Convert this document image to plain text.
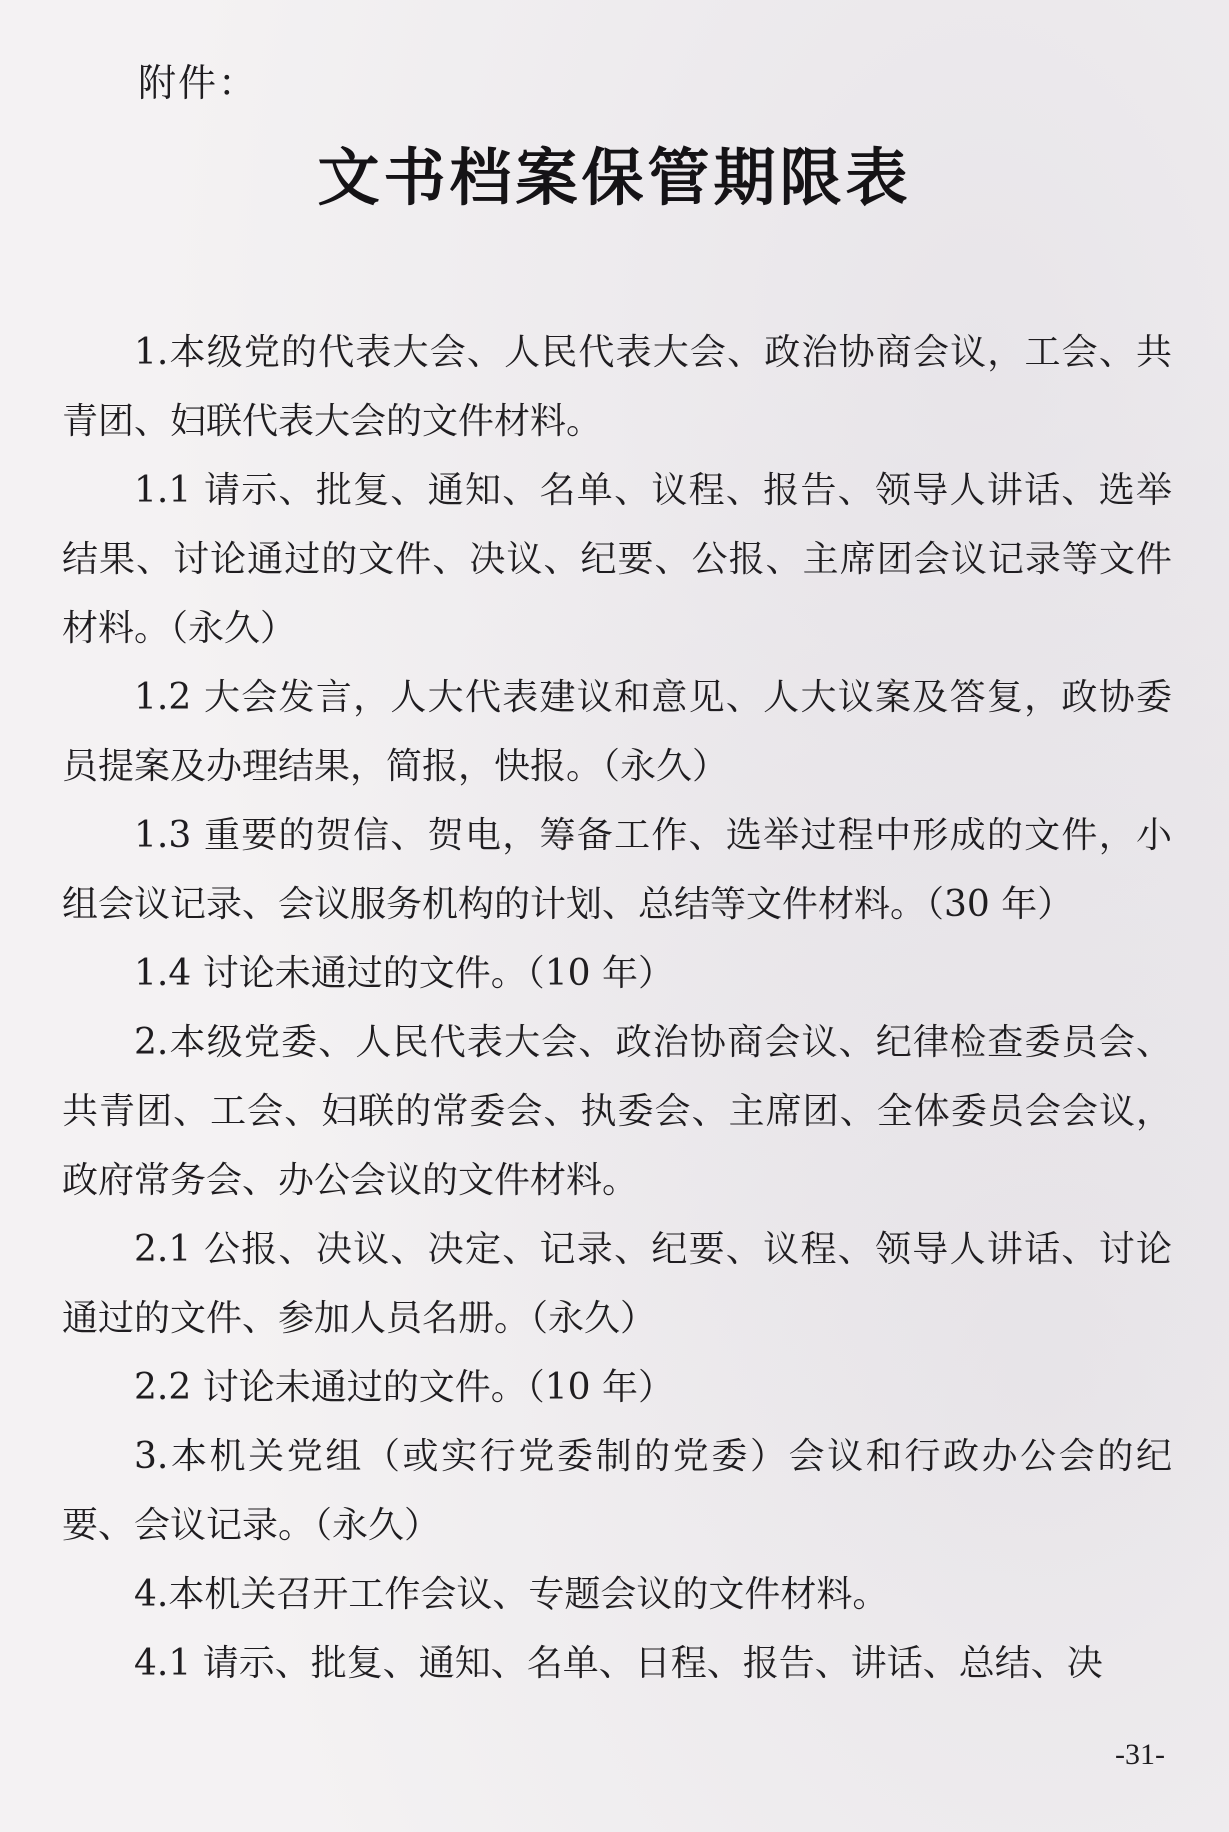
附件：
文书档案保管期限表

1.本级党的代表大会、人民代表大会、政治协商会议，工会、共青团、妇联代表大会的文件材料。

1.1 请示、批复、通知、名单、议程、报告、领导人讲话、选举结果、讨论通过的文件、决议、纪要、公报、主席团会议记录等文件材料。（永久）

1.2 大会发言，人大代表建议和意见、人大议案及答复，政协委员提案及办理结果，简报，快报。（永久）

1.3 重要的贺信、贺电，筹备工作、选举过程中形成的文件，小组会议记录、会议服务机构的计划、总结等文件材料。（30 年）

1.4 讨论未通过的文件。（10 年）

2.本级党委、人民代表大会、政治协商会议、纪律检查委员会、共青团、工会、妇联的常委会、执委会、主席团、全体委员会会议，政府常务会、办公会议的文件材料。

2.1 公报、决议、决定、记录、纪要、议程、领导人讲话、讨论通过的文件、参加人员名册。（永久）

2.2 讨论未通过的文件。（10 年）

3.本机关党组（或实行党委制的党委）会议和行政办公会的纪要、会议记录。（永久）

4.本机关召开工作会议、专题会议的文件材料。

4.1 请示、批复、通知、名单、日程、报告、讲话、总结、决

-31-
